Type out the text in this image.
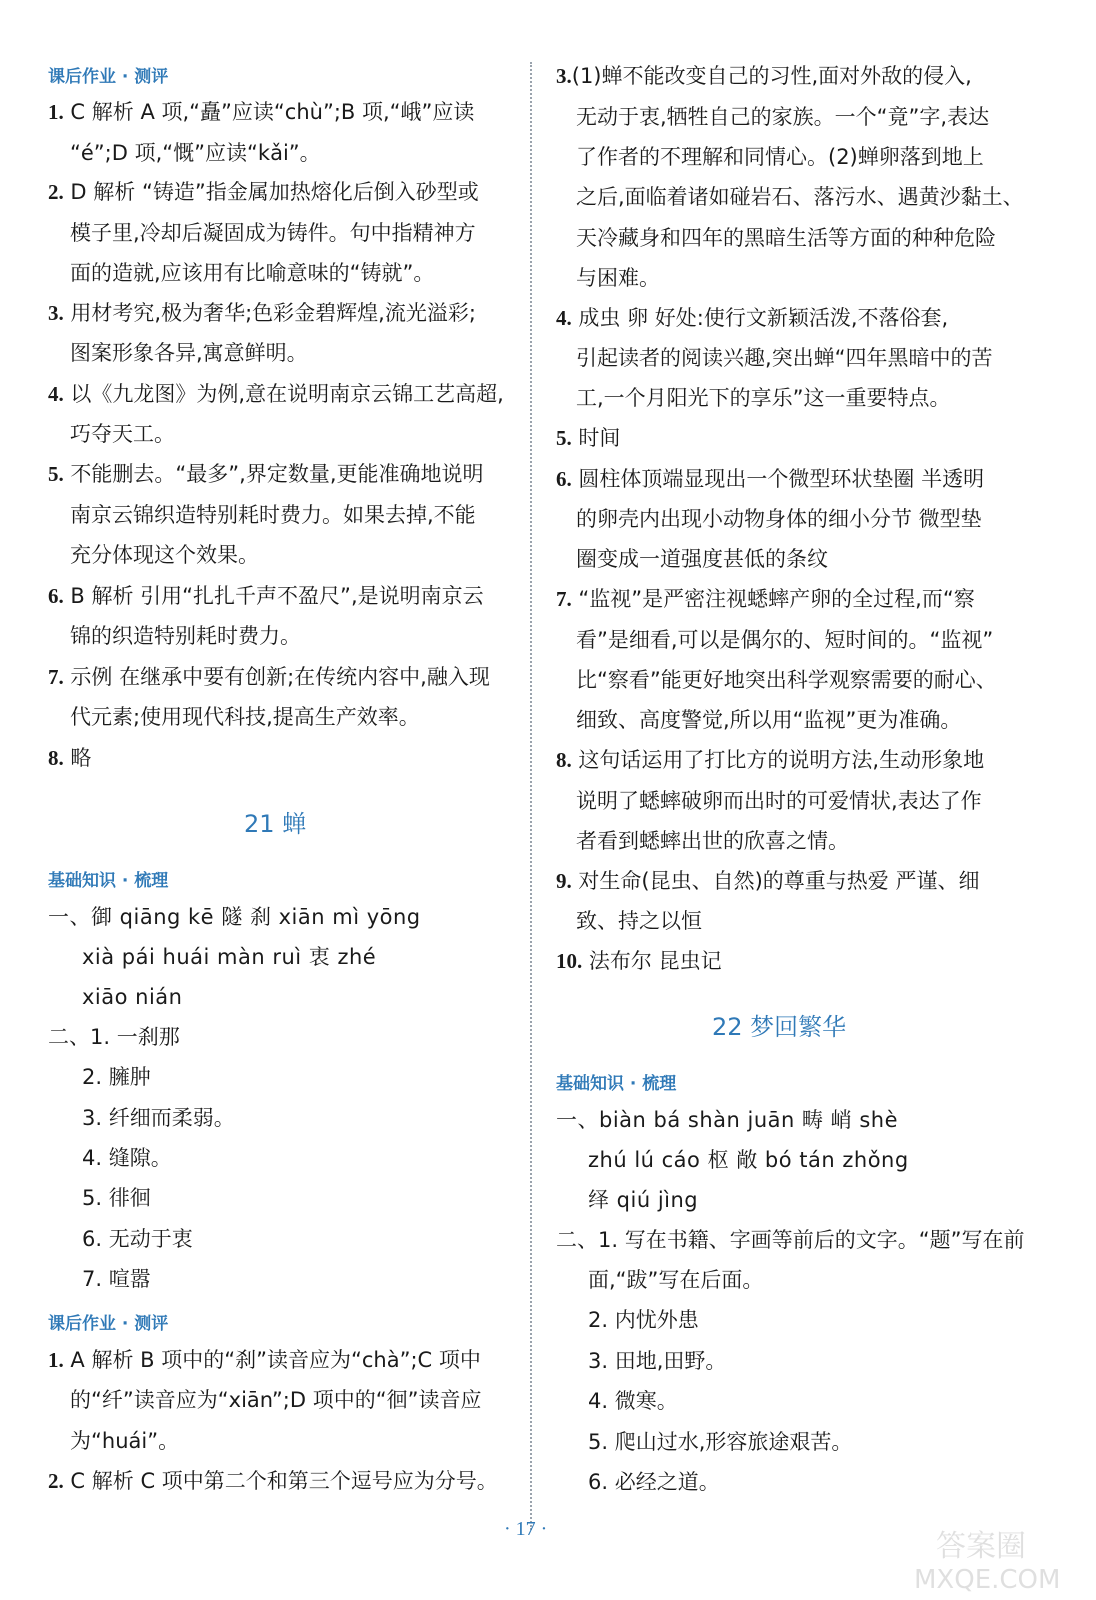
课后作业 · 测评
1. C 解析 A 项,“矗”应读“chù”;B 项,“峨”应读
“é”;D 项,“慨”应读“kǎi”。
2. D 解析 “铸造”指金属加热熔化后倒入砂型或
模子里,冷却后凝固成为铸件。句中指精神方
面的造就,应该用有比喻意味的“铸就”。
3. 用材考究,极为奢华;色彩金碧辉煌,流光溢彩;
图案形象各异,寓意鲜明。
4. 以《九龙图》为例,意在说明南京云锦工艺高超,
巧夺天工。
5. 不能删去。“最多”,界定数量,更能准确地说明
南京云锦织造特别耗时费力。如果去掉,不能
充分体现这个效果。
6. B 解析 引用“扎扎千声不盈尺”,是说明南京云
锦的织造特别耗时费力。
7. 示例 在继承中要有创新;在传统内容中,融入现
代元素;使用现代科技,提高生产效率。
8. 略
21 蝉
基础知识 · 梳理
一、御 qiāng kē 隧 刹 xiān mì yōng
xià pái huái màn ruì 衷 zhé
xiāo nián
二、1. 一刹那
2. 臃肿
3. 纤细而柔弱。
4. 缝隙。
5. 徘徊
6. 无动于衷
7. 喧嚣
课后作业 · 测评
1. A 解析 B 项中的“刹”读音应为“chà”;C 项中
的“纤”读音应为“xiān”;D 项中的“徊”读音应
为“huái”。
2. C 解析 C 项中第二个和第三个逗号应为分号。
3.(1)蝉不能改变自己的习性,面对外敌的侵入,
无动于衷,牺牲自己的家族。一个“竟”字,表达
了作者的不理解和同情心。(2)蝉卵落到地上
之后,面临着诸如碰岩石、落污水、遇黄沙黏土、
天冷藏身和四年的黑暗生活等方面的种种危险
与困难。
4. 成虫 卵 好处:使行文新颖活泼,不落俗套,
引起读者的阅读兴趣,突出蝉“四年黑暗中的苦
工,一个月阳光下的享乐”这一重要特点。
5. 时间
6. 圆柱体顶端显现出一个微型环状垫圈 半透明
的卵壳内出现小动物身体的细小分节 微型垫
圈变成一道强度甚低的条纹
7. “监视”是严密注视蟋蟀产卵的全过程,而“察
看”是细看,可以是偶尔的、短时间的。“监视”
比“察看”能更好地突出科学观察需要的耐心、
细致、高度警觉,所以用“监视”更为准确。
8. 这句话运用了打比方的说明方法,生动形象地
说明了蟋蟀破卵而出时的可爱情状,表达了作
者看到蟋蟀出世的欣喜之情。
9. 对生命(昆虫、自然)的尊重与热爱 严谨、细
致、持之以恒
10. 法布尔 昆虫记
22 梦回繁华
基础知识 · 梳理
一、biàn bá shàn juān 畴 峭 shè
zhú lú cáo 枢 敞 bó tán zhǒng
绎 qiú jìng
二、1. 写在书籍、字画等前后的文字。“题”写在前
面,“跋”写在后面。
2. 内忧外患
3. 田地,田野。
4. 微寒。
5. 爬山过水,形容旅途艰苦。
6. 必经之道。
· 17 ·	答案圈 MXQE.COM
